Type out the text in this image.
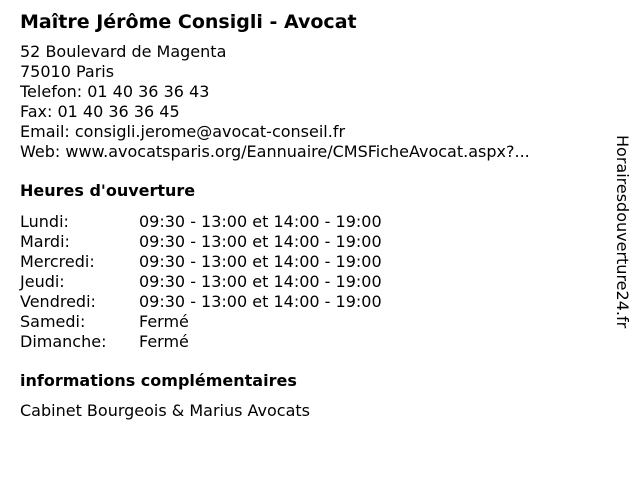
Maître Jérôme Consigli - Avocat
52 Boulevard de Magenta
75010 Paris
Telefon: 01 40 36 36 43
Fax: 01 40 36 36 45
Email: consigli.jerome@avocat-conseil.fr
Web: www.avocatsparis.org/Eannuaire/CMSFicheAvocat.aspx?...
Heures d'ouverture
Lundi:	09:30 - 13:00 et 14:00 - 19:00
Mardi:	09:30 - 13:00 et 14:00 - 19:00
Mercredi:	09:30 - 13:00 et 14:00 - 19:00
Jeudi:	09:30 - 13:00 et 14:00 - 19:00
Vendredi:	09:30 - 13:00 et 14:00 - 19:00
Samedi:	Fermé
Dimanche:	Fermé
informations complémentaires
Cabinet Bourgeois & Marius Avocats
Horairesdouverture24.fr
